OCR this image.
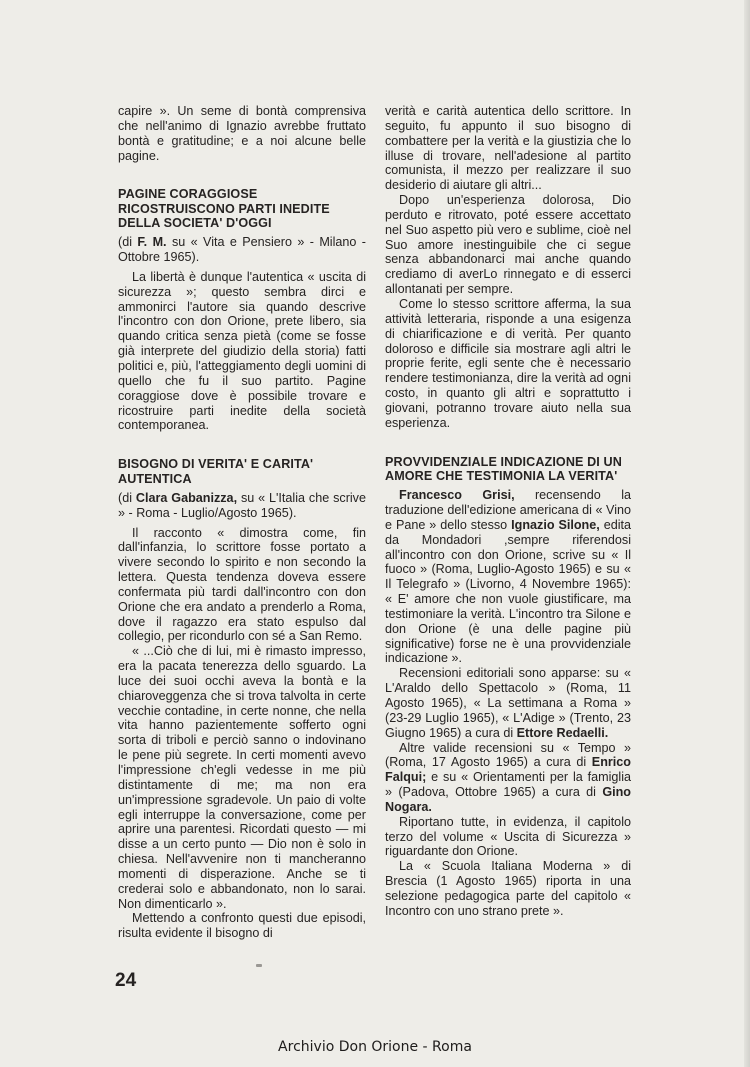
capire ». Un seme di bontà comprensiva che nell'animo di Ignazio avrebbe fruttato bontà e gratitudine; e a noi alcune belle pagine.

PAGINE CORAGGIOSE RICOSTRUISCONO PARTI INEDITE DELLA SOCIETA' D'OGGI

(di F. M. su « Vita e Pensiero » - Milano - Ottobre 1965).

La libertà è dunque l'autentica « uscita di sicurezza »; questo sembra dirci e ammonirci l'autore sia quando descrive l'incontro con don Orione, prete libero, sia quando critica senza pietà (come se fosse già interprete del giudizio della storia) fatti politici e, più, l'atteggiamento degli uomini di quello che fu il suo partito. Pagine coraggiose dove è possibile trovare e ricostruire parti inedite della società contemporanea.

BISOGNO DI VERITA' E CARITA' AUTENTICA

(di Clara Gabanizza, su « L'Italia che scrive » - Roma - Luglio/Agosto 1965).

Il racconto « dimostra come, fin dall'infanzia, lo scrittore fosse portato a vivere secondo lo spirito e non secondo la lettera. Questa tendenza doveva essere confermata più tardi dall'incontro con don Orione che era andato a prenderlo a Roma, dove il ragazzo era stato espulso dal collegio, per ricondurlo con sé a San Remo.

« ...Ciò che di lui, mi è rimasto impresso, era la pacata tenerezza dello sguardo. La luce dei suoi occhi aveva la bontà e la chiaroveggenza che si trova talvolta in certe vecchie contadine, in certe nonne, che nella vita hanno pazientemente sofferto ogni sorta di triboli e perciò sanno o indovinano le pene più segrete. In certi momenti avevo l'impressione ch'egli vedesse in me più distintamente di me; ma non era un'impressione sgradevole. Un paio di volte egli interruppe la conversazione, come per aprire una parentesi. Ricordati questo — mi disse a un certo punto — Dio non è solo in chiesa. Nell'avvenire non ti mancheranno momenti di disperazione. Anche se ti crederai solo e abbandonato, non lo sarai. Non dimenticarlo ».

Mettendo a confronto questi due episodi, risulta evidente il bisogno di

verità e carità autentica dello scrittore. In seguito, fu appunto il suo bisogno di combattere per la verità e la giustizia che lo illuse di trovare, nell'adesione al partito comunista, il mezzo per realizzare il suo desiderio di aiutare gli altri...

Dopo un'esperienza dolorosa, Dio perduto e ritrovato, poté essere accettato nel Suo aspetto più vero e sublime, cioè nel Suo amore inestinguibile che ci segue senza abbandonarci mai anche quando crediamo di averLo rinnegato e di esserci allontanati per sempre.

Come lo stesso scrittore afferma, la sua attività letteraria, risponde a una esigenza di chiarificazione e di verità. Per quanto doloroso e difficile sia mostrare agli altri le proprie ferite, egli sente che è necessario rendere testimonianza, dire la verità ad ogni costo, in quanto gli altri e soprattutto i giovani, potranno trovare aiuto nella sua esperienza.

PROVVIDENZIALE INDICAZIONE DI UN AMORE CHE TESTIMONIA LA VERITA'

Francesco Grisi, recensendo la traduzione dell'edizione americana di « Vino e Pane » dello stesso Ignazio Silone, edita da Mondadori ,sempre riferendosi all'incontro con don Orione, scrive su « Il fuoco » (Roma, Luglio-Agosto 1965) e su « Il Telegrafo » (Livorno, 4 Novembre 1965): « E' amore che non vuole giustificare, ma testimoniare la verità. L'incontro tra Silone e don Orione (è una delle pagine più significative) forse ne è una provvidenziale indicazione ».

Recensioni editoriali sono apparse: su « L'Araldo dello Spettacolo » (Roma, 11 Agosto 1965), « La settimana a Roma » (23-29 Luglio 1965), « L'Adige » (Trento, 23 Giugno 1965) a cura di Ettore Redaelli.

Altre valide recensioni su « Tempo » (Roma, 17 Agosto 1965) a cura di Enrico Falqui; e su « Orientamenti per la famiglia » (Padova, Ottobre 1965) a cura di Gino Nogara.

Riportano tutte, in evidenza, il capitolo terzo del volume « Uscita di Sicurezza » riguardante don Orione.

La « Scuola Italiana Moderna » di Brescia (1 Agosto 1965) riporta in una selezione pedagogica parte del capitolo « Incontro con uno strano prete ».

24
Archivio Don Orione - Roma
